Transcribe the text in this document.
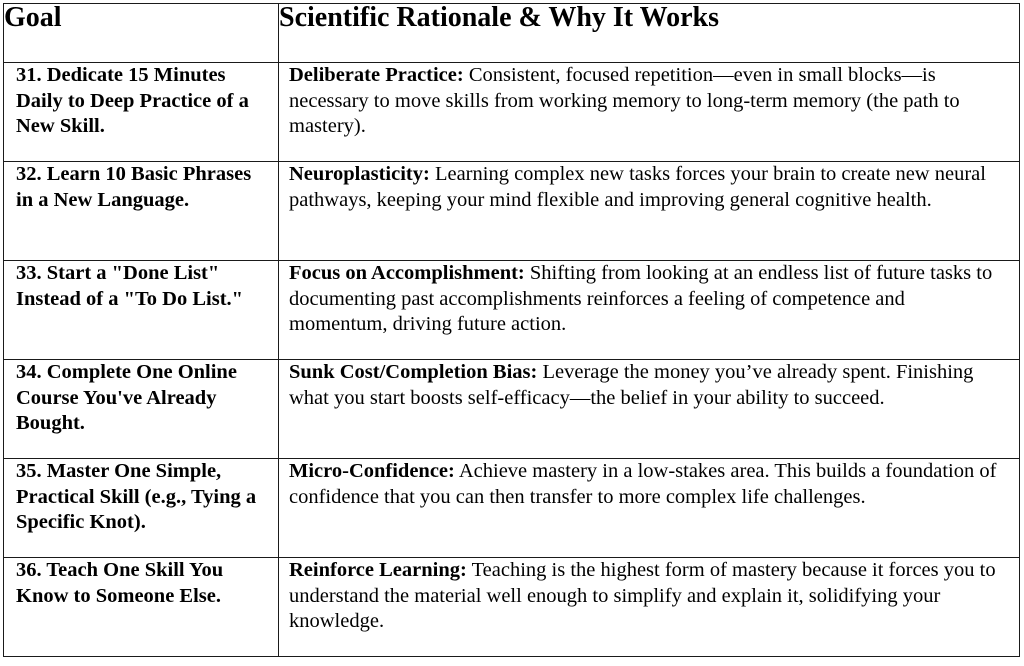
Goal	Scientific Rationale & Why It Works
31. Dedicate 15 Minutes Daily to Deep Practice of a New Skill.	Deliberate Practice: Consistent, focused repetition—even in small blocks—is necessary to move skills from working memory to long-term memory (the path to mastery).
32. Learn 10 Basic Phrases in a New Language.	Neuroplasticity: Learning complex new tasks forces your brain to create new neural pathways, keeping your mind flexible and improving general cognitive health.
33. Start a "Done List" Instead of a "To Do List."	Focus on Accomplishment: Shifting from looking at an endless list of future tasks to documenting past accomplishments reinforces a feeling of competence and momentum, driving future action.
34. Complete One Online Course You've Already Bought.	Sunk Cost/Completion Bias: Leverage the money you’ve already spent. Finishing what you start boosts self-efficacy—the belief in your ability to succeed.
35. Master One Simple, Practical Skill (e.g., Tying a Specific Knot).	Micro-Confidence: Achieve mastery in a low-stakes area. This builds a foundation of confidence that you can then transfer to more complex life challenges.
36. Teach One Skill You Know to Someone Else.	Reinforce Learning: Teaching is the highest form of mastery because it forces you to understand the material well enough to simplify and explain it, solidifying your knowledge.
